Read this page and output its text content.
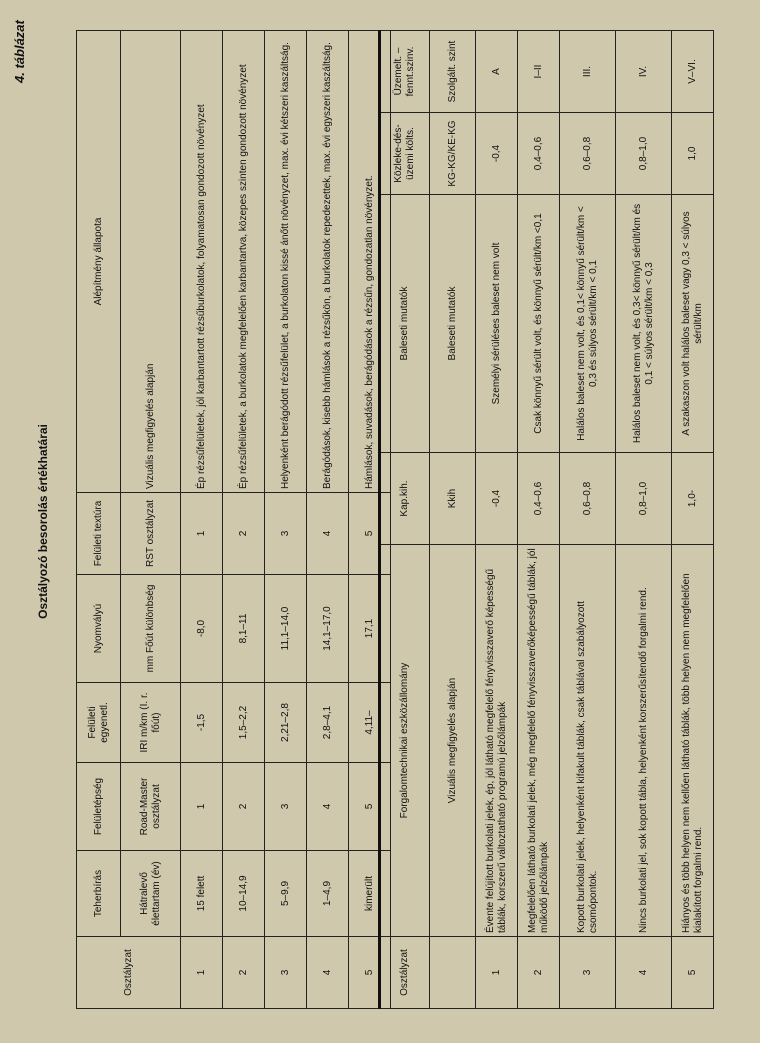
4. táblázat
Osztályozó besorolás értékhatárai
Osztályzat	Teherbírás	Felületépség	Felületi egyenetl.	Nyomvályú	Felületi textúra	Alépítmény állapota
	Hátralevő élettartam (év)	Road-Master osztályzat	IRI m/km (I. r. főút)	mm Főút különbség	RST osztályzat	Vizuális megfigyelés alapján
1	15 felett	1	-1,5	-8,0	1	Ép rézsűfelületek, jól karbantartott rézsűburkolatok, folyamatosan gondozott növényzet
2	10–14,9	2	1,5–2,2	8,1–11	2	Ép rézsűfelületek, a burkolatok megfelelően karbantartva, közepes szinten gondozott növényzet
3	5–9,9	3	2,21–2,8	11,1–14,0	3	Helyenként berágódott rézsűfelület, a burkolaton kissé ánőtt növényzet, max. évi kétszeri kaszáltság.
4	1–4,9	4	2,8–4,1	14,1–17,0	4	Berágódások, kisebb hámlások a rézsűkön, a burkolatok repedezettek, max. évi egyszeri kaszáltság.
5	kimerült	5	4,11–	17,1	5	Hámlások, suvadások, berágódások a rézsűn, gondozatlan növényzet.
Osztályzat	Forgalomtechnikai eszközállomány	Kap.kih.	Baleseti mutatók	Közleke-dés-üzemi költs.	Üzemelt. – fennt.szinv.

	Vizuális megfigyelés alapján	Kkih	Baleseti mutatók	KG-KG/KE-KG	Szolgált. szint
1	Évente felújított burkolati jelek, ép, jól látható megfelelő fényvisszaverő képességű táblák, korszerű változtatható programú jelzőlámpák	-0,4	Személyi sérüléses baleset nem volt	-0,4	A
2	Megfelelően látható burkolati jelek, még megfelelő fényvisszaverőképességű táblák, jól működő jelzőlámpák	0,4–0,6	Csak könnyű sérült volt, és könnyű sérült/km <0,1	0,4–0,6	I–II
3	Kopott burkolati jelek, helyenként kifakult táblák, csak táblával szabályozott csomópontok.	0,6–0,8	Halálos baleset nem volt, és 0,1< könnyű sérült/km < 0,3 és súlyos sérült/km < 0,1	0,6–0,8	III.
4	Nincs burkolati jel, sok kopott tábla, helyenként korszerűsítendő forgalmi rend.	0,8–1,0	Halálos baleset nem volt, és 0,3< könnyű sérült/km és 0,1 < súlyos sérült/km < 0,3	0,8–1,0	IV.
5	Hiányos és több helyen nem kellően látható táblák, több helyen nem megfelelően kialakított forgalmi rend.	1,0-	A szakaszon volt halálos baleset vagy 0,3 < súlyos sérült/km	1,0	V–VI.
